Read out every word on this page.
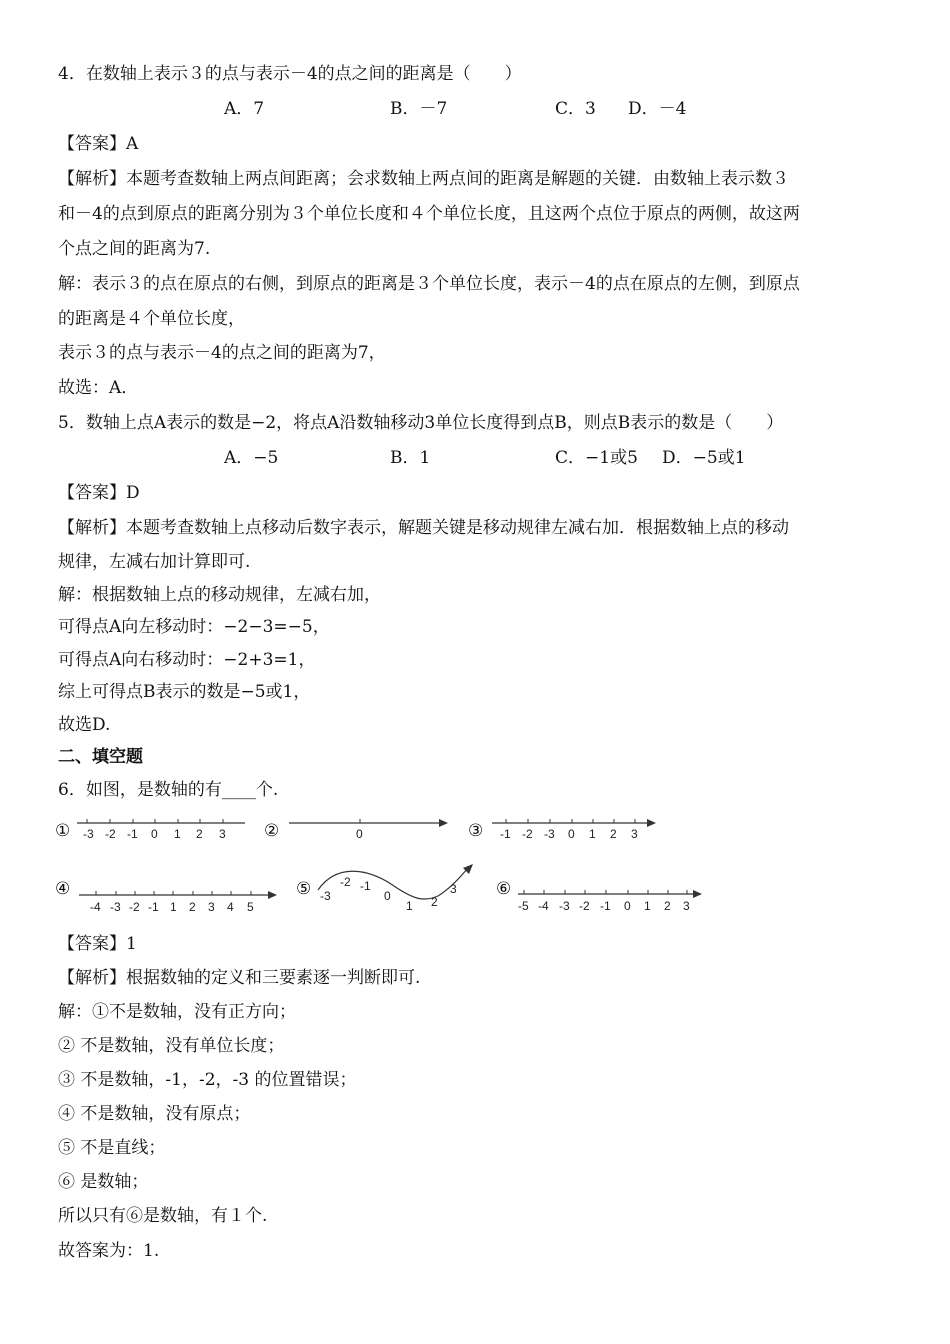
4．在数轴上表示３的点与表示－4的点之间的距离是（　　）
A．7	B．－7	C．3 D．－4
【答案】A
【解析】本题考查数轴上两点间距离；会求数轴上两点间的距离是解题的关键．由数轴上表示数３
和－4的点到原点的距离分别为３个单位长度和４个单位长度，且这两个点位于原点的两侧，故这两
个点之间的距离为7.
解：表示３的点在原点的右侧，到原点的距离是３个单位长度，表示－4的点在原点的左侧，到原点
的距离是４个单位长度，
表示３的点与表示－4的点之间的距离为7，
故选：A．
5．数轴上点A表示的数是−2，将点A沿数轴移动3单位长度得到点B，则点B表示的数是（　　）
A．−5	B．1	C．−1或5 D．−5或1
【答案】D
【解析】本题考查数轴上点移动后数字表示，解题关键是移动规律左减右加．根据数轴上点的移动
规律，左减右加计算即可.
解：根据数轴上点的移动规律，左减右加，
可得点A向左移动时：−2−3=−5，
可得点A向右移动时：−2+3=1，
综上可得点B表示的数是−5或1，
故选D.
二、填空题
6．如图，是数轴的有____个.
① -3 -2 -1 0 1 2 3 ②	0	③ -1 -2 -3 0 1 2 3
④
-4 -3 -2 -1 1 2 3 4 5
⑤ -3
-2 -1
0
1 2
3 ⑥
-5 -4 -3 -2 -1 0 1 2 3
【答案】1
【解析】根据数轴的定义和三要素逐一判断即可.
解：①不是数轴，没有正方向；
② 不是数轴，没有单位长度；
③ 不是数轴，-1，-2，-3 的位置错误；
④ 不是数轴，没有原点；
⑤ 不是直线；
⑥ 是数轴；
所以只有⑥是数轴，有１个.
故答案为：1.
